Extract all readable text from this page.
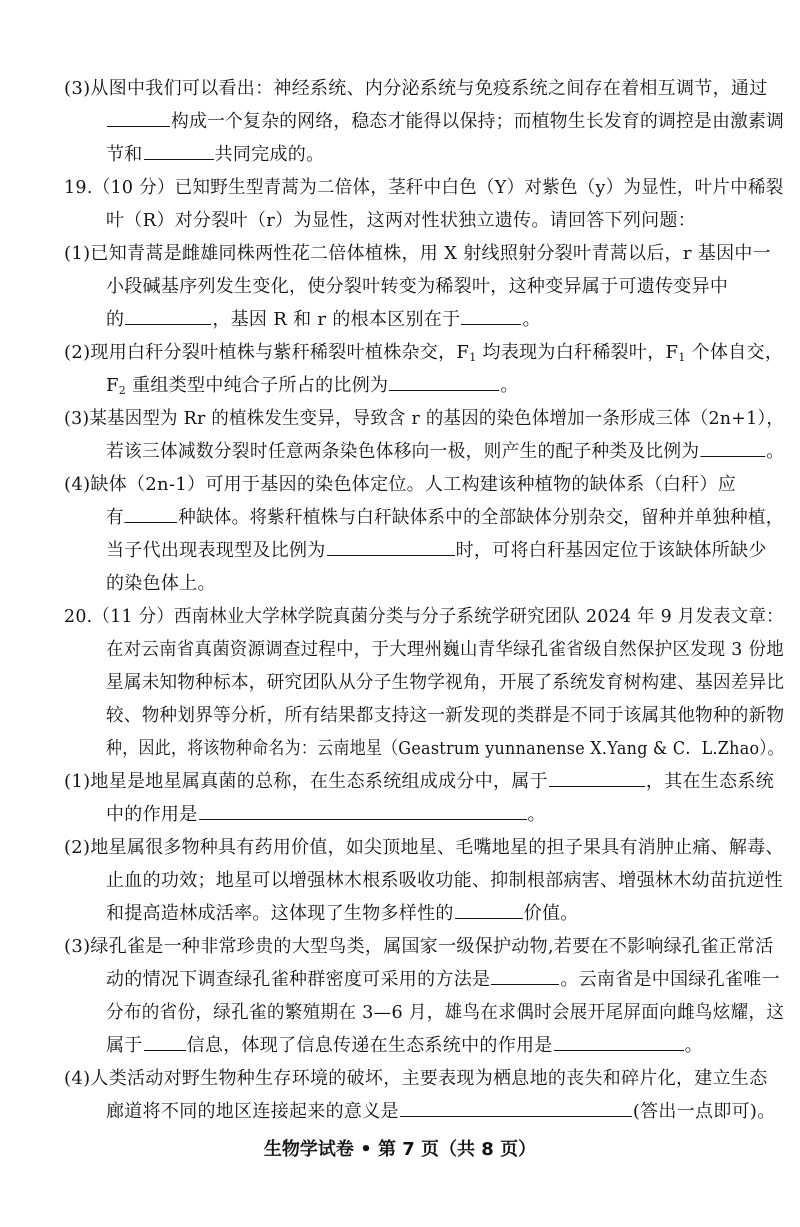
(3)从图中我们可以看出：神经系统、内分泌系统与免疫系统之间存在着相互调节，通过
构成一个复杂的网络，稳态才能得以保持；而植物生长发育的调控是由激素调
节和	共同完成的。
19.（10 分）已知野生型青蒿为二倍体，茎秆中白色（Y）对紫色（y）为显性，叶片中稀裂
叶（R）对分裂叶（r）为显性，这两对性状独立遗传。请回答下列问题：
(1)已知青蒿是雌雄同株两性花二倍体植株，用 X 射线照射分裂叶青蒿以后，r 基因中一
小段碱基序列发生变化，使分裂叶转变为稀裂叶，这种变异属于可遗传变异中
的	，基因 R 和 r 的根本区别在于	。
(2)现用白秆分裂叶植株与紫秆稀裂叶植株杂交，$F_1$ 均表现为白秆稀裂叶，$F_1$ 个体自交，
$F_2$ 重组类型中纯合子所占的比例为	。
(3)某基因型为 Rr 的植株发生变异，导致含 r 的基因的染色体增加一条形成三体（2n+1），
若该三体减数分裂时任意两条染色体移向一极，则产生的配子种类及比例为	。
(4)缺体（2n-1）可用于基因的染色体定位。人工构建该种植物的缺体系（白秆）应
有	种缺体。将紫秆植株与白秆缺体系中的全部缺体分别杂交，留种并单独种植，
当子代出现表现型及比例为	时，可将白秆基因定位于该缺体所缺少
的染色体上。
20.（11 分）西南林业大学林学院真菌分类与分子系统学研究团队 2024 年 9 月发表文章：
在对云南省真菌资源调查过程中，于大理州巍山青华绿孔雀省级自然保护区发现 3 份地
星属未知物种标本，研究团队从分子生物学视角，开展了系统发育树构建、基因差异比
较、物种划界等分析，所有结果都支持这一新发现的类群是不同于该属其他物种的新物
种，因此，将该物种命名为：云南地星（Geastrum yunnanense X.Yang & C．L.Zhao）。
(1)地星是地星属真菌的总称，在生态系统组成成分中，属于	，其在生态系统
中的作用是	。
(2)地星属很多物种具有药用价值，如尖顶地星、毛嘴地星的担子果具有消肿止痛、解毒、
止血的功效；地星可以增强林木根系吸收功能、抑制根部病害、增强林木幼苗抗逆性
和提高造林成活率。这体现了生物多样性的	价值。
(3)绿孔雀是一种非常珍贵的大型鸟类，属国家一级保护动物,若要在不影响绿孔雀正常活
动的情况下调查绿孔雀种群密度可采用的方法是	。云南省是中国绿孔雀唯一
分布的省份，绿孔雀的繁殖期在 3—6 月，雄鸟在求偶时会展开尾屏面向雌鸟炫耀，这
属于 信息，体现了信息传递在生态系统中的作用是	。
(4)人类活动对野生物种生存环境的破坏，主要表现为栖息地的丧失和碎片化，建立生态
廊道将不同的地区连接起来的意义是	(答出一点即可)。
生物学试卷 • 第 7 页（共 8 页）
